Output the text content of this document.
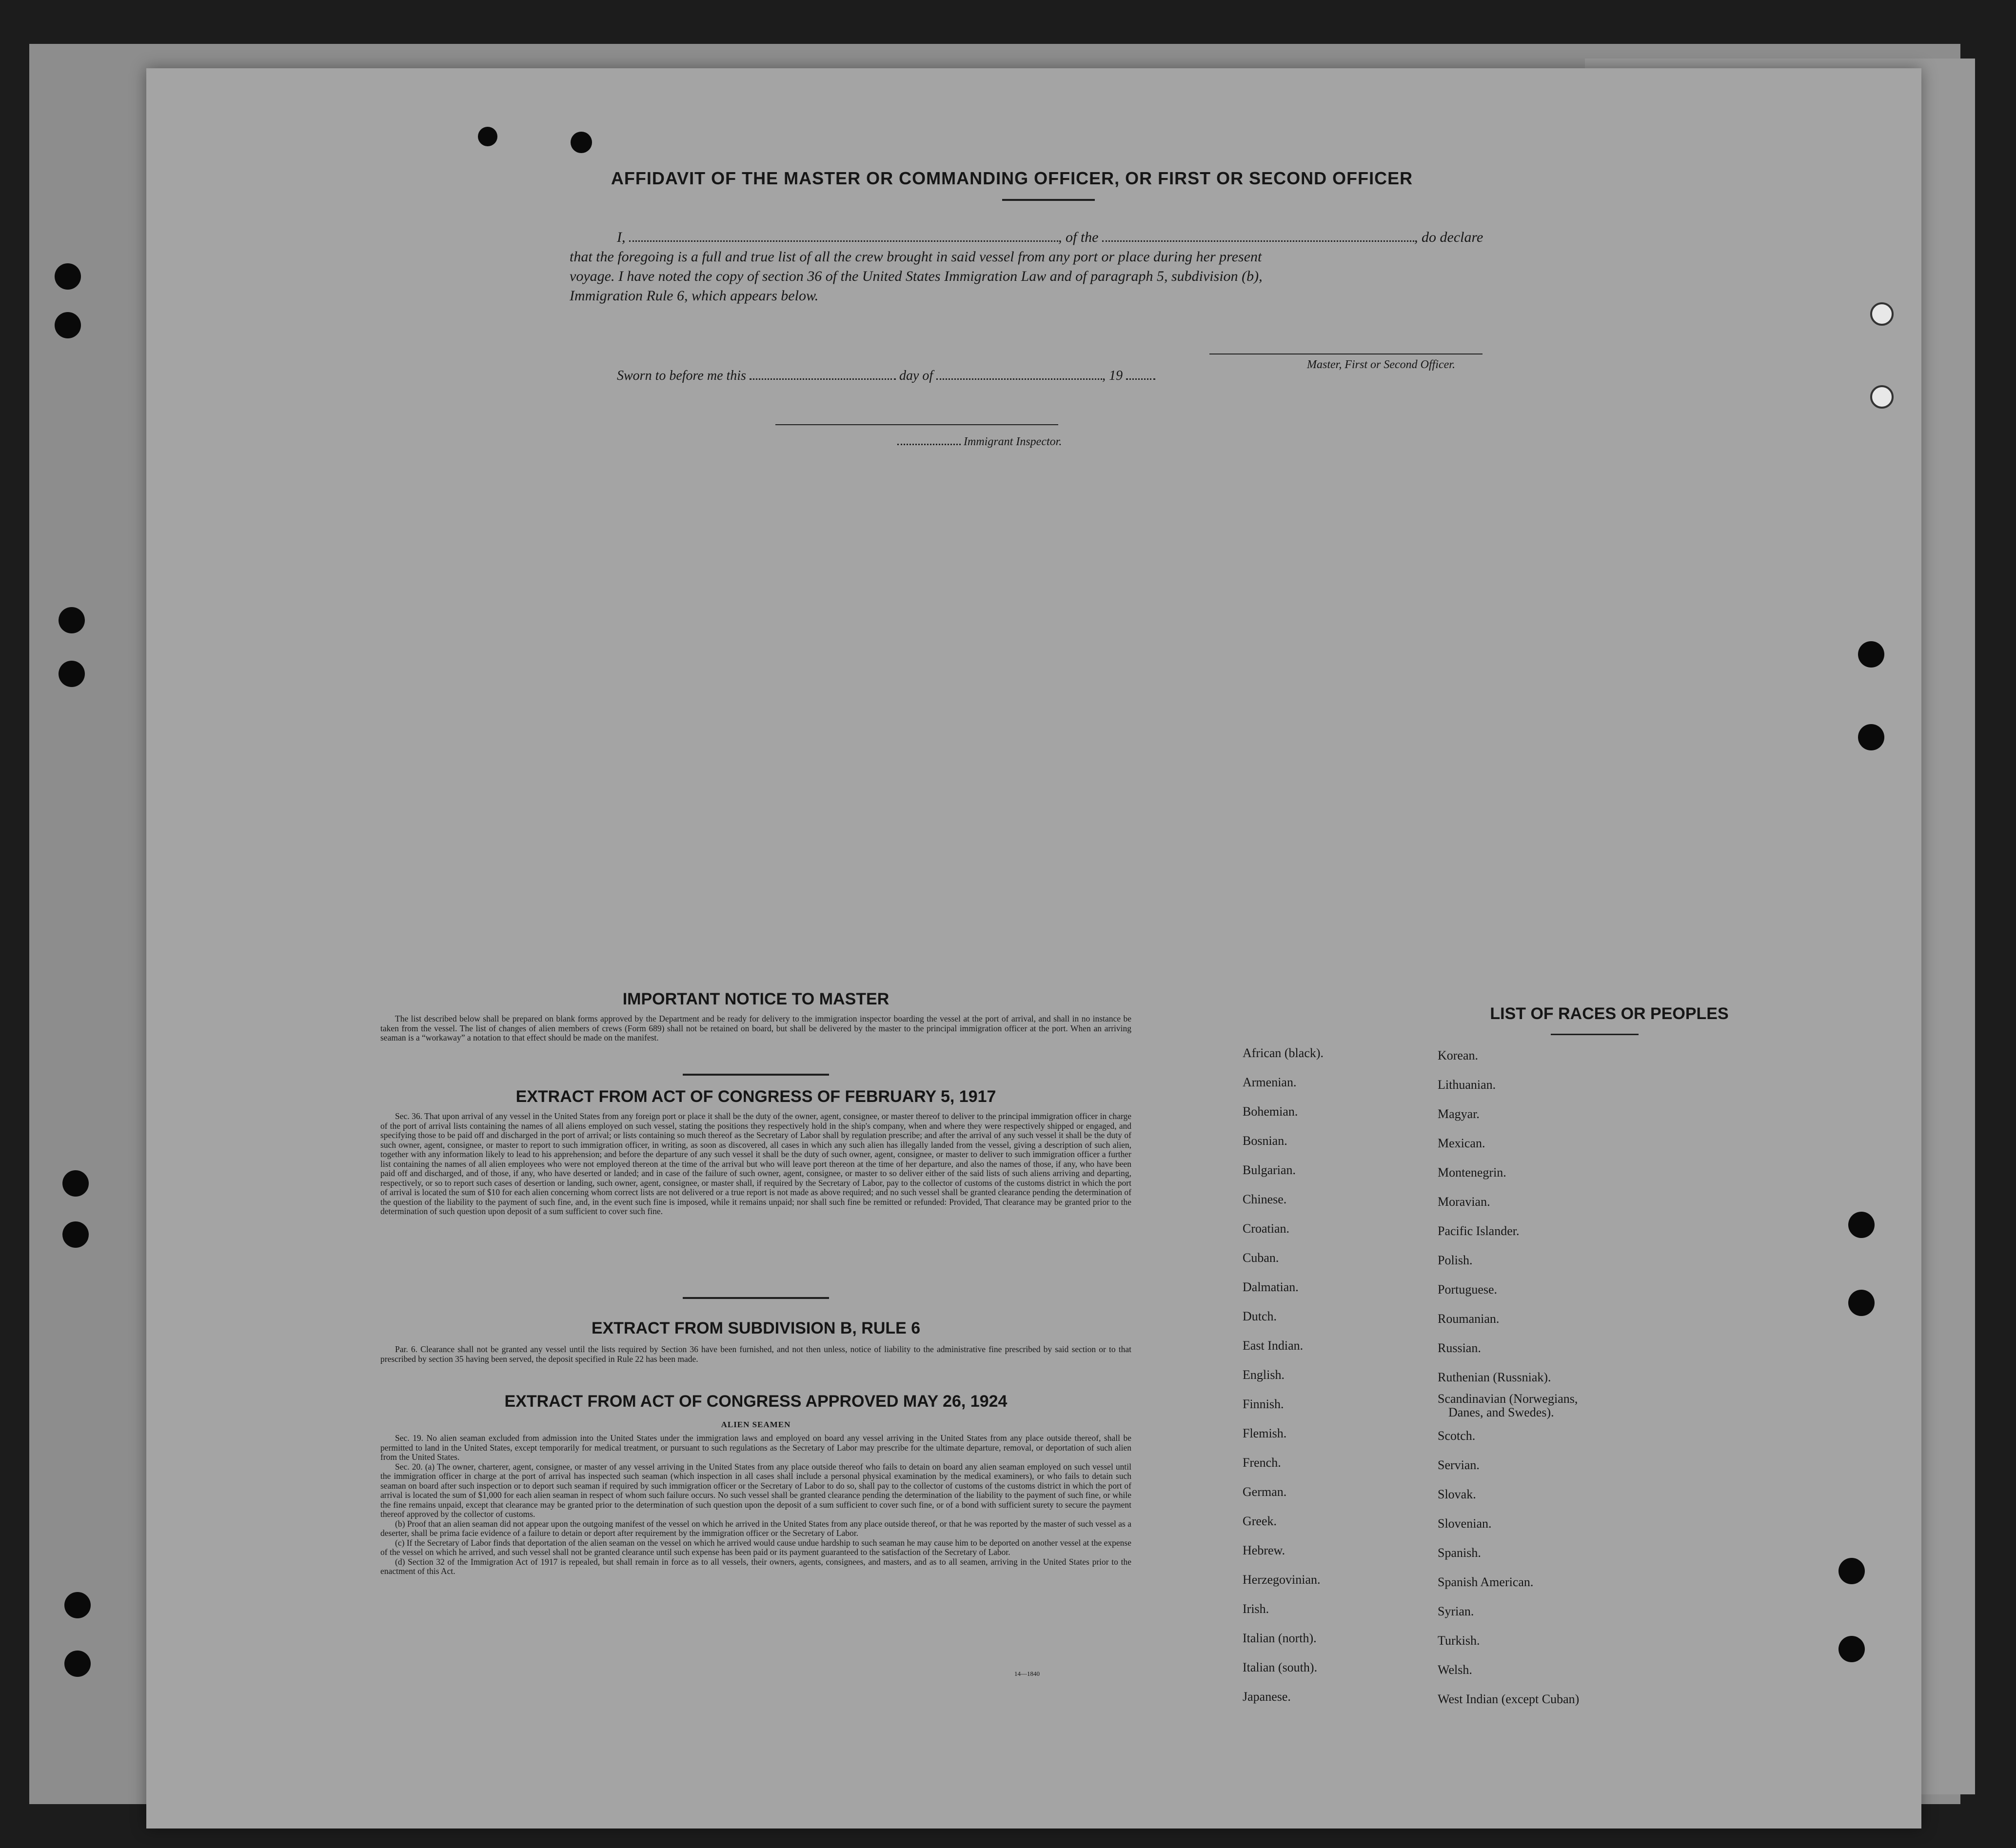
AFFIDAVIT OF THE MASTER OR COMMANDING OFFICER, OR FIRST OR SECOND OFFICER
I,	, of the	, do declare
that the foregoing is a full and true list of all the crew brought in said vessel from any port or place during her present
voyage. I have noted the copy of section 36 of the United States Immigration Law and of paragraph 5, subdivision (b),
Immigration Rule 6, which appears below.
Master, First or Second Officer.
Sworn to before me this	day of	, 19
Immigrant Inspector.
IMPORTANT NOTICE TO MASTER

The list described below shall be prepared on blank forms approved by the Department and be ready for delivery to the immigration inspector boarding the vessel at the port of arrival, and shall in no instance be taken from the vessel. The list of changes of alien members of crews (Form 689) shall not be retained on board, but shall be delivered by the master to the principal immigration officer at the port. When an arriving seaman is a “workaway” a notation to that effect should be made on the manifest.

EXTRACT FROM ACT OF CONGRESS OF FEBRUARY 5, 1917

Sec. 36. That upon arrival of any vessel in the United States from any foreign port or place it shall be the duty of the owner, agent, consignee, or master thereof to deliver to the principal immigration officer in charge of the port of arrival lists containing the names of all aliens employed on such vessel, stating the positions they respectively hold in the ship's company, when and where they were respectively shipped or engaged, and specifying those to be paid off and discharged in the port of arrival; or lists containing so much thereof as the Secretary of Labor shall by regulation prescribe; and after the arrival of any such vessel it shall be the duty of such owner, agent, consignee, or master to report to such immigration officer, in writing, as soon as discovered, all cases in which any such alien has illegally landed from the vessel, giving a description of such alien, together with any information likely to lead to his apprehension; and before the departure of any such vessel it shall be the duty of such owner, agent, consignee, or master to deliver to such immigration officer a further list containing the names of all alien employees who were not employed thereon at the time of the arrival but who will leave port thereon at the time of her departure, and also the names of those, if any, who have been paid off and discharged, and of those, if any, who have deserted or landed; and in case of the failure of such owner, agent, consignee, or master to so deliver either of the said lists of such aliens arriving and departing, respectively, or so to report such cases of desertion or landing, such owner, agent, consignee, or master shall, if required by the Secretary of Labor, pay to the collector of customs of the customs district in which the port of arrival is located the sum of $10 for each alien concerning whom correct lists are not delivered or a true report is not made as above required; and no such vessel shall be granted clearance pending the determination of the question of the liability to the payment of such fine, and, in the event such fine is imposed, while it remains unpaid; nor shall such fine be remitted or refunded: Provided, That clearance may be granted prior to the determination of such question upon deposit of a sum sufficient to cover such fine.

EXTRACT FROM SUBDIVISION B, RULE 6

Par. 6. Clearance shall not be granted any vessel until the lists required by Section 36 have been furnished, and not then unless, notice of liability to the administrative fine prescribed by said section or to that prescribed by section 35 having been served, the deposit specified in Rule 22 has been made.

EXTRACT FROM ACT OF CONGRESS APPROVED MAY 26, 1924
ALIEN SEAMEN

Sec. 19. No alien seaman excluded from admission into the United States under the immigration laws and employed on board any vessel arriving in the United States from any place outside thereof, shall be permitted to land in the United States, except temporarily for medical treatment, or pursuant to such regulations as the Secretary of Labor may prescribe for the ultimate departure, removal, or deportation of such alien from the United States.

Sec. 20. (a) The owner, charterer, agent, consignee, or master of any vessel arriving in the United States from any place outside thereof who fails to detain on board any alien seaman employed on such vessel until the immigration officer in charge at the port of arrival has inspected such seaman (which inspection in all cases shall include a personal physical examination by the medical examiners), or who fails to detain such seaman on board after such inspection or to deport such seaman if required by such immigration officer or the Secretary of Labor to do so, shall pay to the collector of customs of the customs district in which the port of arrival is located the sum of $1,000 for each alien seaman in respect of whom such failure occurs. No such vessel shall be granted clearance pending the determination of the liability to the payment of such fine, or while the fine remains unpaid, except that clearance may be granted prior to the determination of such question upon the deposit of a sum sufficient to cover such fine, or of a bond with sufficient surety to secure the payment thereof approved by the collector of customs.

(b) Proof that an alien seaman did not appear upon the outgoing manifest of the vessel on which he arrived in the United States from any place outside thereof, or that he was reported by the master of such vessel as a deserter, shall be prima facie evidence of a failure to detain or deport after requirement by the immigration officer or the Secretary of Labor.

(c) If the Secretary of Labor finds that deportation of the alien seaman on the vessel on which he arrived would cause undue hardship to such seaman he may cause him to be deported on another vessel at the expense of the vessel on which he arrived, and such vessel shall not be granted clearance until such expense has been paid or its payment guaranteed to the satisfaction of the Secretary of Labor.

(d) Section 32 of the Immigration Act of 1917 is repealed, but shall remain in force as to all vessels, their owners, agents, consignees, and masters, and as to all seamen, arriving in the United States prior to the enactment of this Act.

14—1840
LIST OF RACES OR PEOPLES
African (black).
Armenian.
Bohemian.
Bosnian.
Bulgarian.
Chinese.
Croatian.
Cuban.
Dalmatian.
Dutch.
East Indian.
English.
Finnish.
Flemish.
French.
German.
Greek.
Hebrew.
Herzegovinian.
Irish.
Italian (north).
Italian (south).
Japanese.
Korean.
Lithuanian.
Magyar.
Mexican.
Montenegrin.
Moravian.
Pacific Islander.
Polish.
Portuguese.
Roumanian.
Russian.
Ruthenian (Russniak).
Scandinavian (Norwegians,
Danes, and Swedes).
Scotch.
Servian.
Slovak.
Slovenian.
Spanish.
Spanish American.
Syrian.
Turkish.
Welsh.
West Indian (except Cuban)
